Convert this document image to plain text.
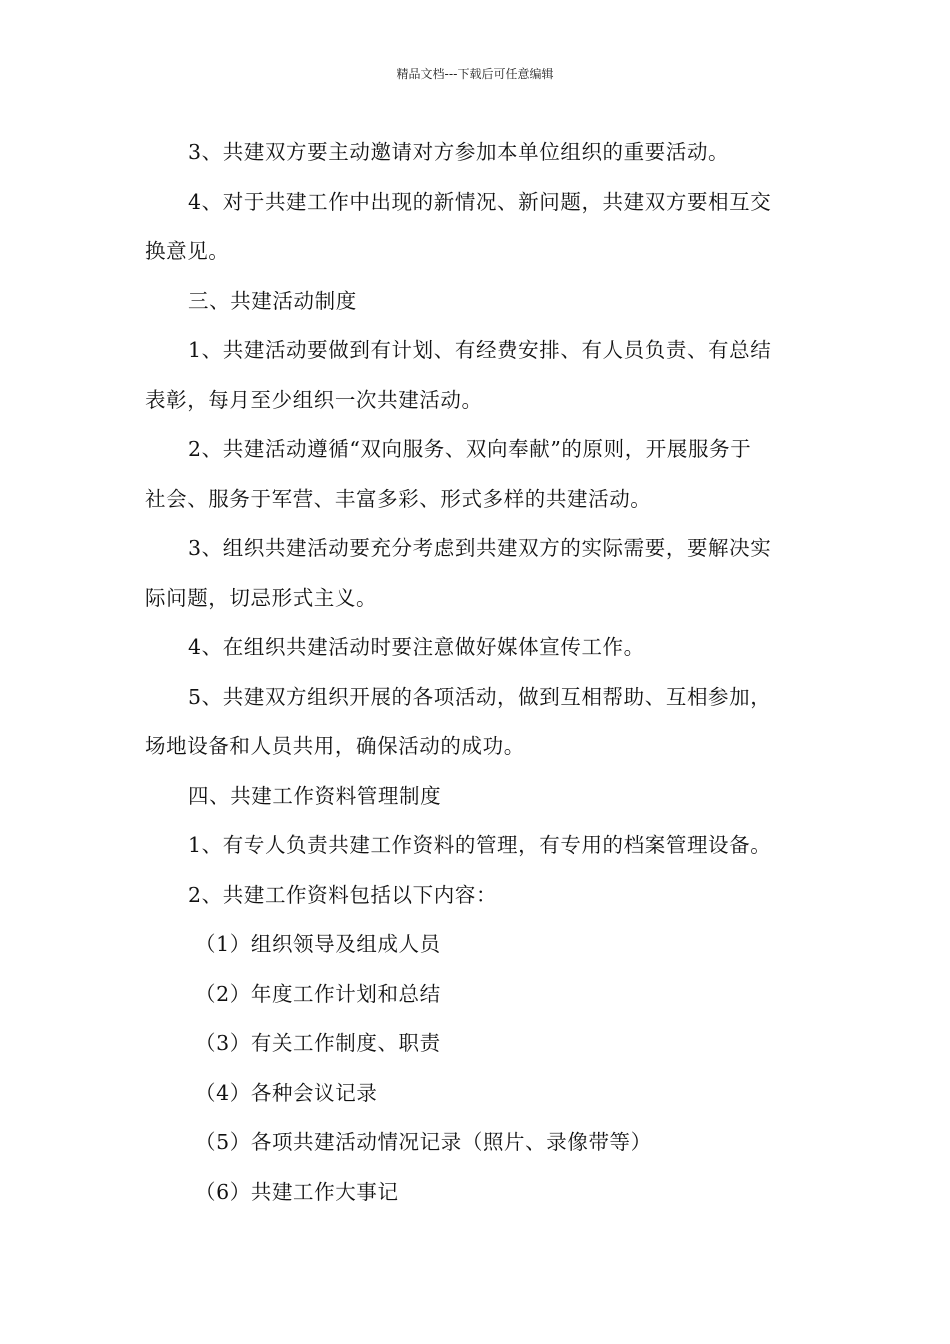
精品文档---下载后可任意编辑
3、共建双方要主动邀请对方参加本单位组织的重要活动。
4、对于共建工作中出现的新情况、新问题，共建双方要相互交
换意见。
三、共建活动制度
1、共建活动要做到有计划、有经费安排、有人员负责、有总结
表彰，每月至少组织一次共建活动。
2、共建活动遵循“双向服务、双向奉献”的原则，开展服务于
社会、服务于军营、丰富多彩、形式多样的共建活动。
3、组织共建活动要充分考虑到共建双方的实际需要，要解决实
际问题，切忌形式主义。
4、在组织共建活动时要注意做好媒体宣传工作。
5、共建双方组织开展的各项活动，做到互相帮助、互相参加，
场地设备和人员共用，确保活动的成功。
四、共建工作资料管理制度
1、有专人负责共建工作资料的管理，有专用的档案管理设备。
2、共建工作资料包括以下内容：
（1）组织领导及组成人员
（2）年度工作计划和总结
（3）有关工作制度、职责
（4）各种会议记录
（5）各项共建活动情况记录（照片、录像带等）
（6）共建工作大事记
